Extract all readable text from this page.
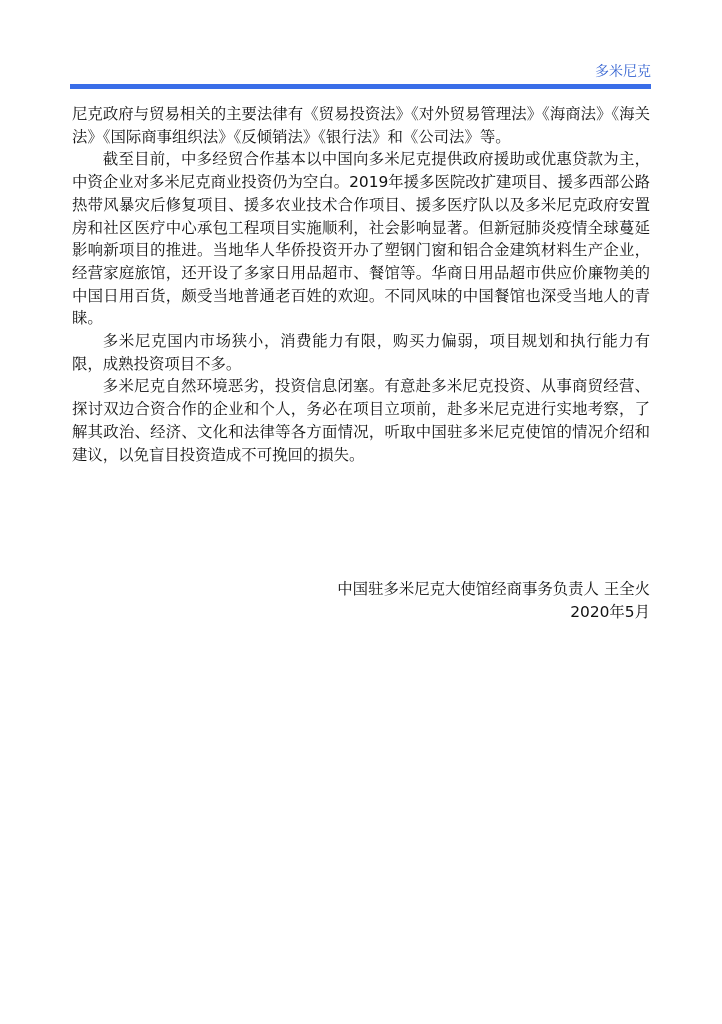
多米尼克

尼克政府与贸易相关的主要法律有《贸易投资法》《对外贸易管理法》《海商法》《海关法》《国际商事组织法》《反倾销法》《银行法》和《公司法》等。

截至目前，中多经贸合作基本以中国向多米尼克提供政府援助或优惠贷款为主，中资企业对多米尼克商业投资仍为空白。2019年援多医院改扩建项目、援多西部公路热带风暴灾后修复项目、援多农业技术合作项目、援多医疗队以及多米尼克政府安置房和社区医疗中心承包工程项目实施顺利，社会影响显著。但新冠肺炎疫情全球蔓延影响新项目的推进。当地华人华侨投资开办了塑钢门窗和铝合金建筑材料生产企业，经营家庭旅馆，还开设了多家日用品超市、餐馆等。华商日用品超市供应价廉物美的中国日用百货，颇受当地普通老百姓的欢迎。不同风味的中国餐馆也深受当地人的青睐。

多米尼克国内市场狭小，消费能力有限，购买力偏弱，项目规划和执行能力有限，成熟投资项目不多。

多米尼克自然环境恶劣，投资信息闭塞。有意赴多米尼克投资、从事商贸经营、探讨双边合资合作的企业和个人，务必在项目立项前，赴多米尼克进行实地考察，了解其政治、经济、文化和法律等各方面情况，听取中国驻多米尼克使馆的情况介绍和建议，以免盲目投资造成不可挽回的损失。

中国驻多米尼克大使馆经商事务负责人 王全火
2020年5月
